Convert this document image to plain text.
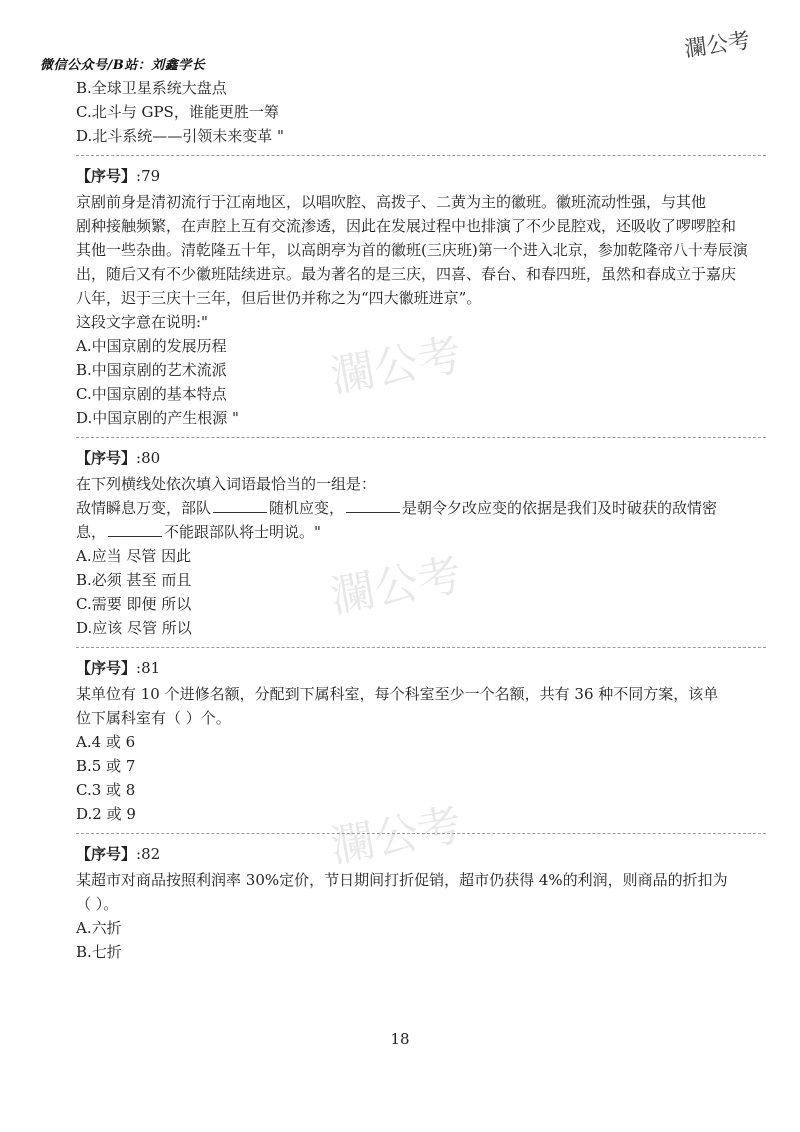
微信公众号/B站：刘鑫学长
瀾公考
瀾公考
瀾公考
瀾公考
B.全球卫星系统大盘点
C.北斗与 GPS，谁能更胜一筹
D.北斗系统——引领未来变革 "
【序号】:79
京剧前身是清初流行于江南地区，以唱吹腔、高拨子、二黄为主的徽班。徽班流动性强，与其他
剧种接触频繁，在声腔上互有交流渗透，因此在发展过程中也排演了不少昆腔戏，还吸收了啰啰腔和
其他一些杂曲。清乾隆五十年，以高朗亭为首的徽班(三庆班)第一个进入北京，参加乾隆帝八十寿辰演
出，随后又有不少徽班陆续进京。最为著名的是三庆，四喜、春台、和春四班，虽然和春成立于嘉庆
八年，迟于三庆十三年，但后世仍并称之为“四大徽班进京”。
这段文字意在说明:"
A.中国京剧的发展历程
B.中国京剧的艺术流派
C.中国京剧的基本特点
D.中国京剧的产生根源 "
【序号】:80
在下列横线处依次填入词语最恰当的一组是：
敌情瞬息万变，部队	随机应变，	是朝令夕改应变的依据是我们及时破获的敌情密
息，	不能跟部队将士明说。"
A.应当 尽管 因此
B.必须 甚至 而且
C.需要 即便 所以
D.应该 尽管 所以
【序号】:81
某单位有 10 个进修名额，分配到下属科室，每个科室至少一个名额，共有 36 种不同方案，该单
位下属科室有（ ）个。
A.4 或 6
B.5 或 7
C.3 或 8
D.2 或 9
【序号】:82
某超市对商品按照利润率 30%定价，节日期间打折促销，超市仍获得 4%的利润，则商品的折扣为
（ ）。
A.六折
B.七折
18
